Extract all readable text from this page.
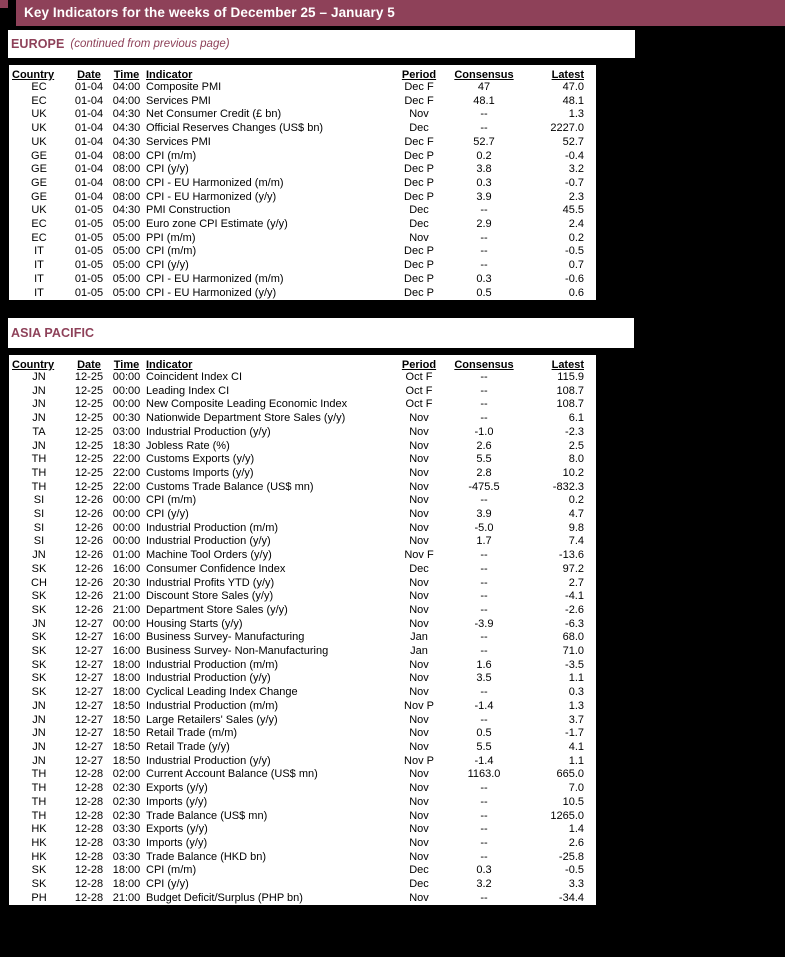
Key Indicators for the weeks of December 25 – January 5
EUROPE (continued from previous page)
Country	Date	Time	Indicator	Period	Consensus	Latest
EC	01-04	04:00	Composite PMI	Dec F	47	47.0
EC	01-04	04:00	Services PMI	Dec F	48.1	48.1
UK	01-04	04:30	Net Consumer Credit (£ bn)	Nov	--	1.3
UK	01-04	04:30	Official Reserves Changes (US$ bn)	Dec	--	2227.0
UK	01-04	04:30	Services PMI	Dec F	52.7	52.7
GE	01-04	08:00	CPI (m/m)	Dec P	0.2	-0.4
GE	01-04	08:00	CPI (y/y)	Dec P	3.8	3.2
GE	01-04	08:00	CPI - EU Harmonized (m/m)	Dec P	0.3	-0.7
GE	01-04	08:00	CPI - EU Harmonized (y/y)	Dec P	3.9	2.3
UK	01-05	04:30	PMI Construction	Dec	--	45.5
EC	01-05	05:00	Euro zone CPI Estimate (y/y)	Dec	2.9	2.4
EC	01-05	05:00	PPI (m/m)	Nov	--	0.2
IT	01-05	05:00	CPI (m/m)	Dec P	--	-0.5
IT	01-05	05:00	CPI (y/y)	Dec P	--	0.7
IT	01-05	05:00	CPI - EU Harmonized (m/m)	Dec P	0.3	-0.6
IT	01-05	05:00	CPI - EU Harmonized (y/y)	Dec P	0.5	0.6
ASIA PACIFIC
Country	Date	Time	Indicator	Period	Consensus	Latest
JN	12-25	00:00	Coincident Index CI	Oct F	--	115.9
JN	12-25	00:00	Leading Index CI	Oct F	--	108.7
JN	12-25	00:00	New Composite Leading Economic Index	Oct F	--	108.7
JN	12-25	00:30	Nationwide Department Store Sales (y/y)	Nov	--	6.1
TA	12-25	03:00	Industrial Production (y/y)	Nov	-1.0	-2.3
JN	12-25	18:30	Jobless Rate (%)	Nov	2.6	2.5
TH	12-25	22:00	Customs Exports (y/y)	Nov	5.5	8.0
TH	12-25	22:00	Customs Imports (y/y)	Nov	2.8	10.2
TH	12-25	22:00	Customs Trade Balance (US$ mn)	Nov	-475.5	-832.3
SI	12-26	00:00	CPI (m/m)	Nov	--	0.2
SI	12-26	00:00	CPI (y/y)	Nov	3.9	4.7
SI	12-26	00:00	Industrial Production (m/m)	Nov	-5.0	9.8
SI	12-26	00:00	Industrial Production (y/y)	Nov	1.7	7.4
JN	12-26	01:00	Machine Tool Orders (y/y)	Nov F	--	-13.6
SK	12-26	16:00	Consumer Confidence Index	Dec	--	97.2
CH	12-26	20:30	Industrial Profits YTD (y/y)	Nov	--	2.7
SK	12-26	21:00	Discount Store Sales (y/y)	Nov	--	-4.1
SK	12-26	21:00	Department Store Sales (y/y)	Nov	--	-2.6
JN	12-27	00:00	Housing Starts (y/y)	Nov	-3.9	-6.3
SK	12-27	16:00	Business Survey- Manufacturing	Jan	--	68.0
SK	12-27	16:00	Business Survey- Non-Manufacturing	Jan	--	71.0
SK	12-27	18:00	Industrial Production (m/m)	Nov	1.6	-3.5
SK	12-27	18:00	Industrial Production (y/y)	Nov	3.5	1.1
SK	12-27	18:00	Cyclical Leading Index Change	Nov	--	0.3
JN	12-27	18:50	Industrial Production (m/m)	Nov P	-1.4	1.3
JN	12-27	18:50	Large Retailers' Sales (y/y)	Nov	--	3.7
JN	12-27	18:50	Retail Trade (m/m)	Nov	0.5	-1.7
JN	12-27	18:50	Retail Trade (y/y)	Nov	5.5	4.1
JN	12-27	18:50	Industrial Production (y/y)	Nov P	-1.4	1.1
TH	12-28	02:00	Current Account Balance (US$ mn)	Nov	1163.0	665.0
TH	12-28	02:30	Exports (y/y)	Nov	--	7.0
TH	12-28	02:30	Imports (y/y)	Nov	--	10.5
TH	12-28	02:30	Trade Balance (US$ mn)	Nov	--	1265.0
HK	12-28	03:30	Exports (y/y)	Nov	--	1.4
HK	12-28	03:30	Imports (y/y)	Nov	--	2.6
HK	12-28	03:30	Trade Balance (HKD bn)	Nov	--	-25.8
SK	12-28	18:00	CPI (m/m)	Dec	0.3	-0.5
SK	12-28	18:00	CPI (y/y)	Dec	3.2	3.3
PH	12-28	21:00	Budget Deficit/Surplus (PHP bn)	Nov	--	-34.4
